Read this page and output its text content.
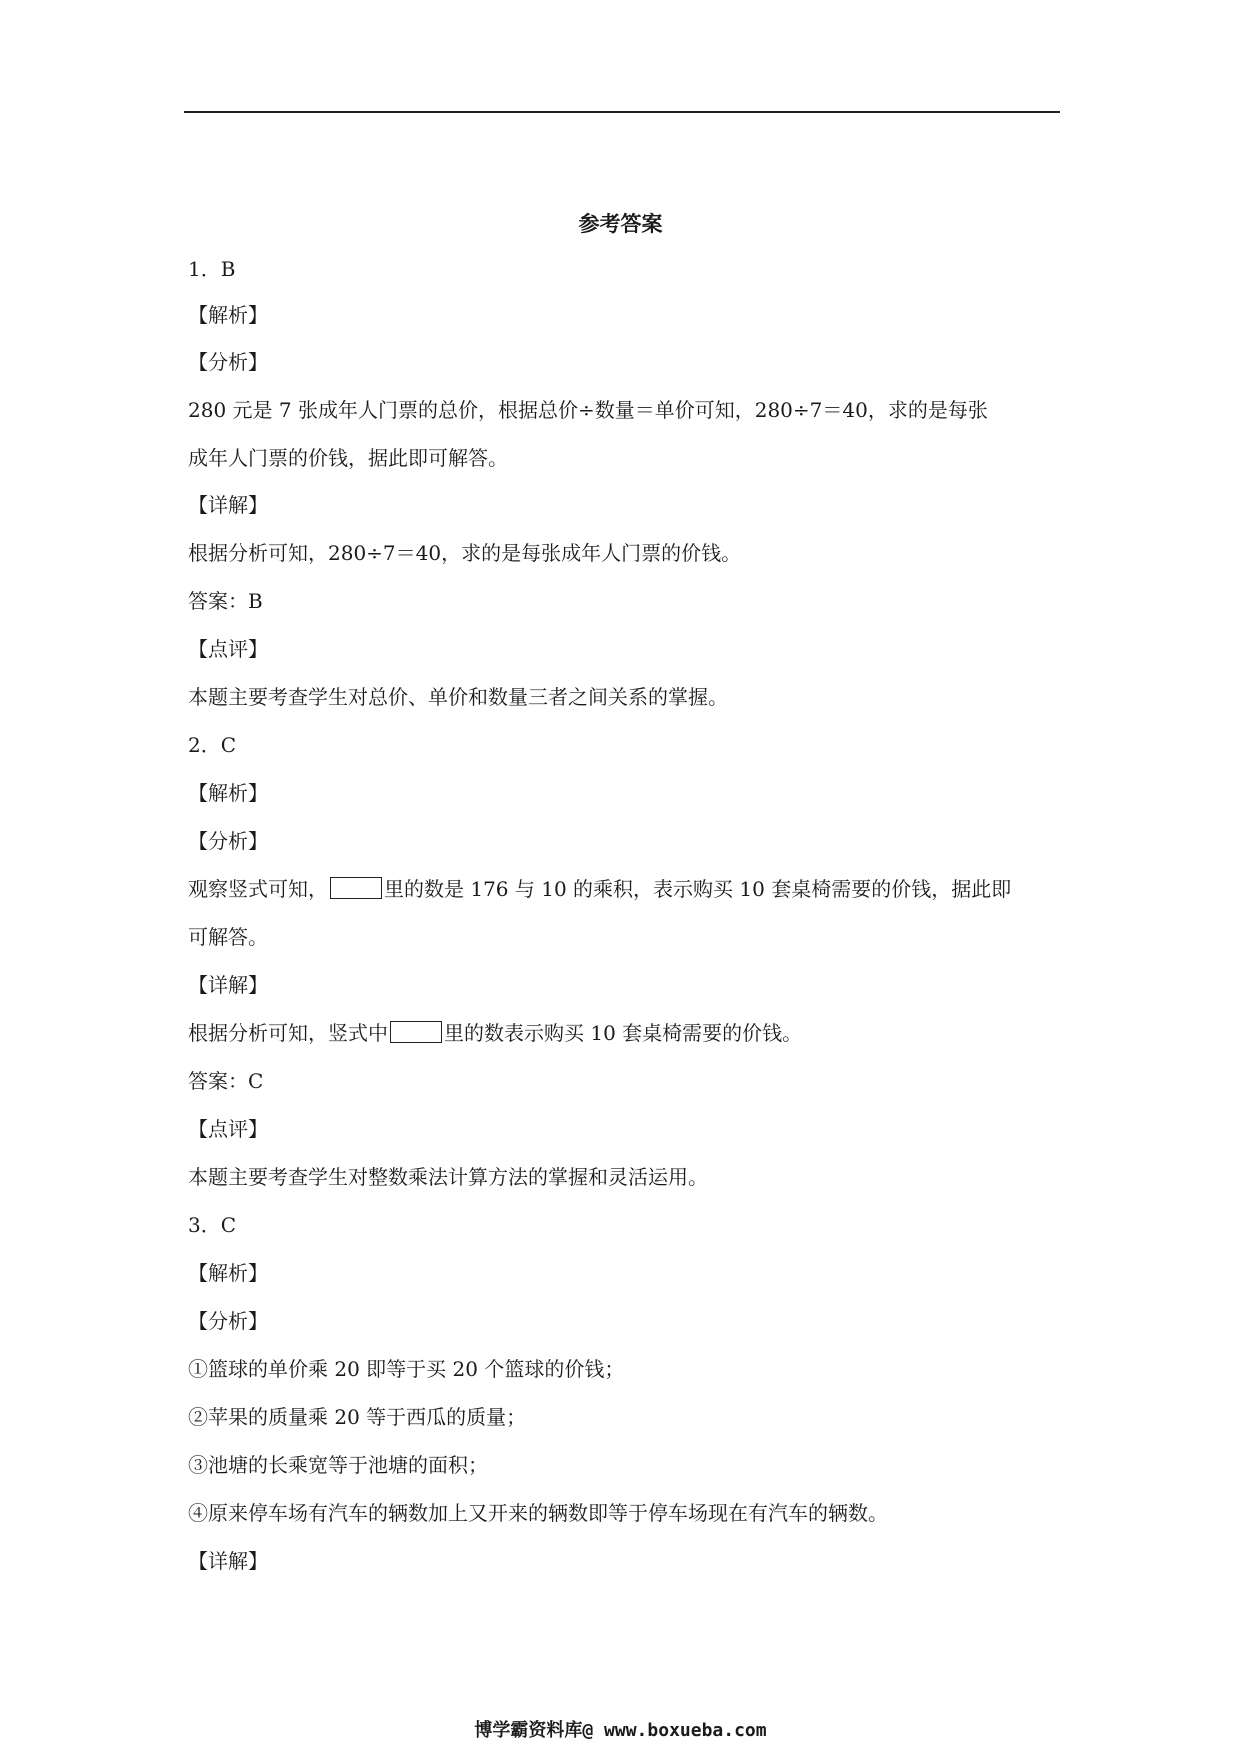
参考答案
1．B
【解析】
【分析】
280 元是 7 张成年人门票的总价，根据总价÷数量＝单价可知，280÷7＝40，求的是每张
成年人门票的价钱，据此即可解答。
【详解】
根据分析可知，280÷7＝40，求的是每张成年人门票的价钱。
答案：B
【点评】
本题主要考查学生对总价、单价和数量三者之间关系的掌握。
2．C
【解析】
【分析】
观察竖式可知，	里的数是 176 与 10 的乘积，表示购买 10 套桌椅需要的价钱，据此即
可解答。
【详解】
根据分析可知，竖式中	里的数表示购买 10 套桌椅需要的价钱。
答案：C
【点评】
本题主要考查学生对整数乘法计算方法的掌握和灵活运用。
3．C
【解析】
【分析】
①篮球的单价乘 20 即等于买 20 个篮球的价钱；
②苹果的质量乘 20 等于西瓜的质量；
③池塘的长乘宽等于池塘的面积；
④原来停车场有汽车的辆数加上又开来的辆数即等于停车场现在有汽车的辆数。
【详解】
博学霸资料库@ www.boxueba.com
